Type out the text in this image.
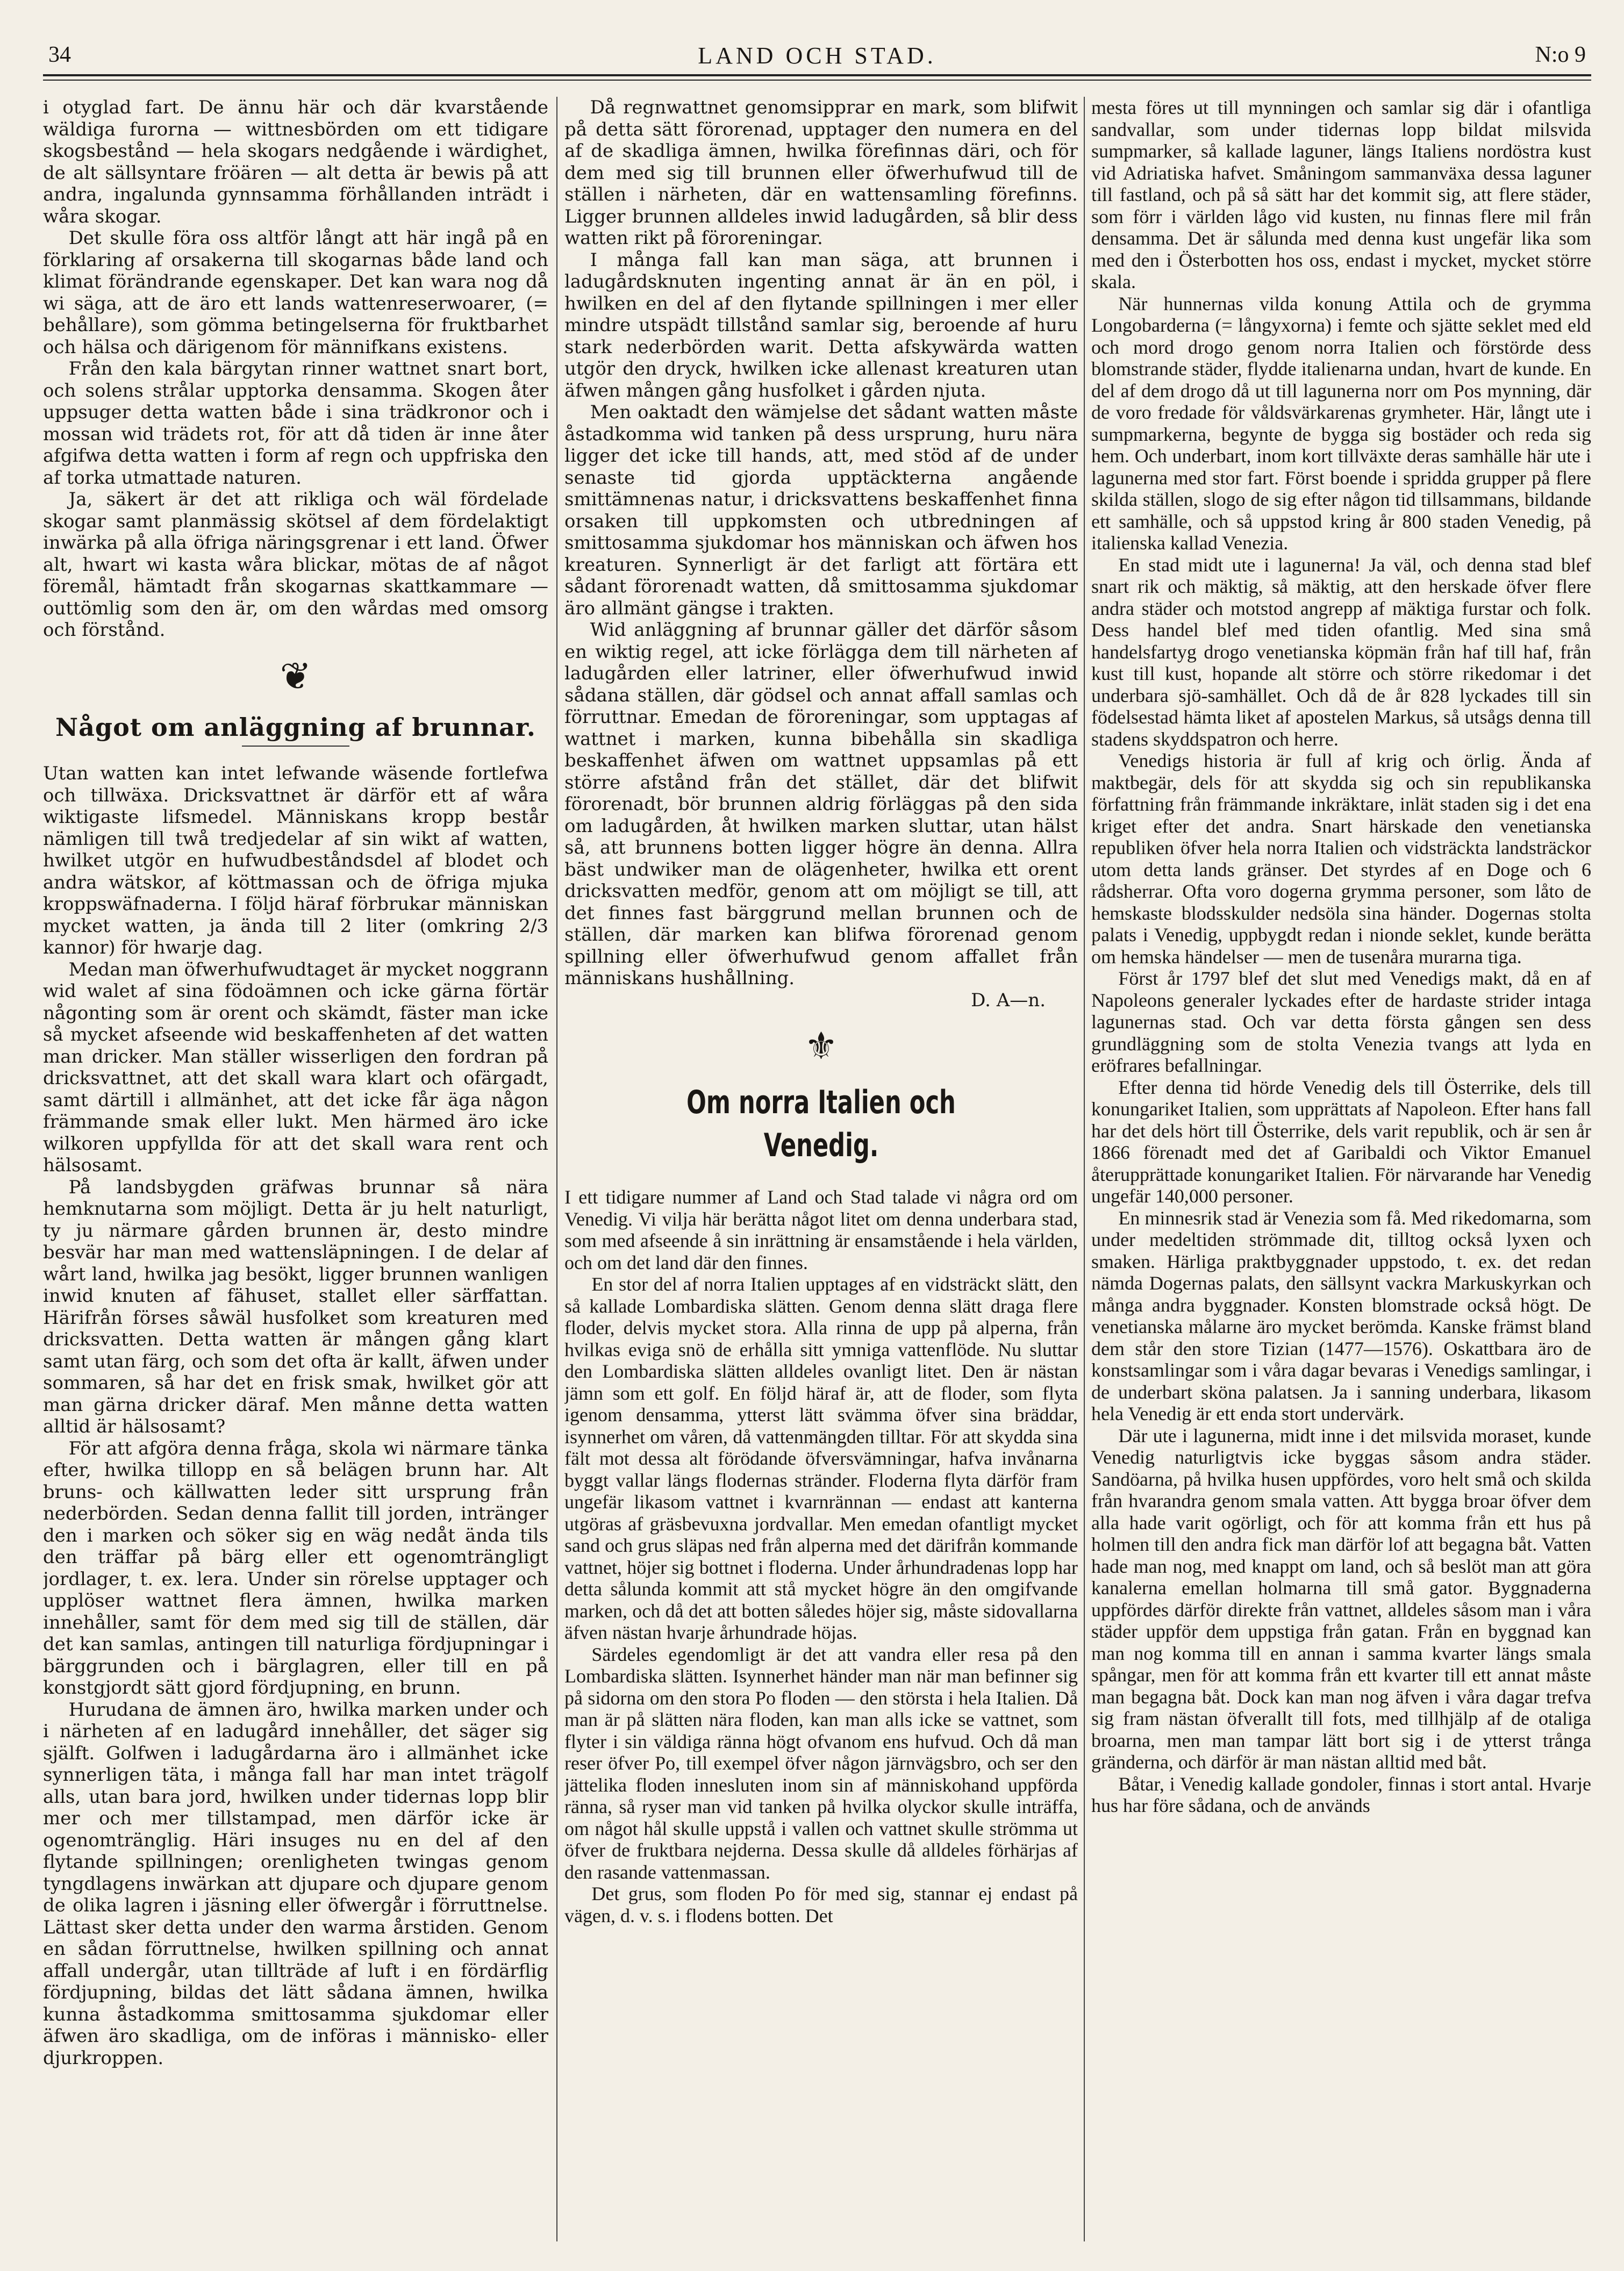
34	LAND OCH STAD.	N:o 9

i otyglad fart. De ännu här och där kvarstående wäldiga furorna — wittnesbörden om ett tidigare skogsbestånd — hela skogars nedgående i wärdighet, de alt sällsyntare fröären — alt detta är bewis på att andra, ingalunda gynnsamma förhållanden inträdt i wåra skogar.

Det skulle föra oss altför långt att här ingå på en förklaring af orsakerna till skogarnas både land och klimat förändrande egenskaper. Det kan wara nog då wi säga, att de äro ett lands wattenreserwoarer, (= behållare), som gömma betingelserna för fruktbarhet och hälsa och därigenom för männifkans existens.

Från den kala bärgytan rinner wattnet snart bort, och solens strålar upptorka densamma. Skogen åter uppsuger detta watten både i sina trädkronor och i mossan wid trädets rot, för att då tiden är inne åter afgifwa detta watten i form af regn och uppfriska den af torka utmattade naturen.

Ja, säkert är det att rikliga och wäl fördelade skogar samt planmässig skötsel af dem fördelaktigt inwärka på alla öfriga näringsgrenar i ett land. Öfwer alt, hwart wi kasta wåra blickar, mötas de af något föremål, hämtadt från skogarnas skattkammare — outtömlig som den är, om den wårdas med omsorg och förstånd.

❦
Något om anläggning af brunnar.

Utan watten kan intet lefwande wäsende fortlefwa och tillwäxa. Dricksvattnet är därför ett af wåra wiktigaste lifsmedel. Människans kropp består nämligen till twå tredjedelar af sin wikt af watten, hwilket utgör en hufwudbeståndsdel af blodet och andra wätskor, af köttmassan och de öfriga mjuka kroppswäfnaderna. I följd häraf förbrukar människan mycket watten, ja ända till 2 liter (omkring 2/3 kannor) för hwarje dag.

Medan man öfwerhufwudtaget är mycket noggrann wid walet af sina födoämnen och icke gärna förtär någonting som är orent och skämdt, fäster man icke så mycket afseende wid beskaffenheten af det watten man dricker. Man ställer wisserligen den fordran på dricksvattnet, att det skall wara klart och ofärgadt, samt därtill i allmänhet, att det icke får äga någon främmande smak eller lukt. Men härmed äro icke wilkoren uppfyllda för att det skall wara rent och hälsosamt.

På landsbygden gräfwas brunnar så nära hemknutarna som möjligt. Detta är ju helt naturligt, ty ju närmare gården brunnen är, desto mindre besvär har man med wattensläpningen. I de delar af wårt land, hwilka jag besökt, ligger brunnen wanligen inwid knuten af fähuset, stallet eller särffattan. Härifrån förses såwäl husfolket som kreaturen med dricksvatten. Detta watten är mången gång klart samt utan färg, och som det ofta är kallt, äfwen under sommaren, så har det en frisk smak, hwilket gör att man gärna dricker däraf. Men månne detta watten alltid är hälsosamt?

För att afgöra denna fråga, skola wi närmare tänka efter, hwilka tillopp en så belägen brunn har. Alt bruns- och källwatten leder sitt ursprung från nederbörden. Sedan denna fallit till jorden, intränger den i marken och söker sig en wäg nedåt ända tils den träffar på bärg eller ett ogenomträngligt jordlager, t. ex. lera. Under sin rörelse upptager och upplöser wattnet flera ämnen, hwilka marken innehåller, samt för dem med sig till de ställen, där det kan samlas, antingen till naturliga fördjupningar i bärggrunden och i bärglagren, eller till en på konstgjordt sätt gjord fördjupning, en brunn.

Hurudana de ämnen äro, hwilka marken under och i närheten af en ladugård innehåller, det säger sig själft. Golfwen i ladugårdarna äro i allmänhet icke synnerligen täta, i många fall har man intet trägolf alls, utan bara jord, hwilken under tidernas lopp blir mer och mer tillstampad, men därför icke är ogenomtränglig. Häri insuges nu en del af den flytande spillningen; orenligheten twingas genom tyngdlagens inwärkan att djupare och djupare genom de olika lagren i jäsning eller öfwergår i förruttnelse. Lättast sker detta under den warma årstiden. Genom en sådan förruttnelse, hwilken spillning och annat affall undergår, utan tillträde af luft i en fördärflig fördjupning, bildas det lätt sådana ämnen, hwilka kunna åstadkomma smittosamma sjukdomar eller äfwen äro skadliga, om de införas i människo- eller djurkroppen.

Då regnwattnet genomsipprar en mark, som blifwit på detta sätt förorenad, upptager den numera en del af de skadliga ämnen, hwilka förefinnas däri, och för dem med sig till brunnen eller öfwerhufwud till de ställen i närheten, där en wattensamling förefinns. Ligger brunnen alldeles inwid ladugården, så blir dess watten rikt på föroreningar.

I många fall kan man säga, att brunnen i ladugårdsknuten ingenting annat är än en pöl, i hwilken en del af den flytande spillningen i mer eller mindre utspädt tillstånd samlar sig, beroende af huru stark nederbörden warit. Detta afskywärda watten utgör den dryck, hwilken icke allenast kreaturen utan äfwen mången gång husfolket i gården njuta.

Men oaktadt den wämjelse det sådant watten måste åstadkomma wid tanken på dess ursprung, huru nära ligger det icke till hands, att, med stöd af de under senaste tid gjorda upptäckterna angående smittämnenas natur, i dricksvattens beskaffenhet finna orsaken till uppkomsten och utbredningen af smittosamma sjukdomar hos människan och äfwen hos kreaturen. Synnerligt är det farligt att förtära ett sådant förorenadt watten, då smittosamma sjukdomar äro allmänt gängse i trakten.

Wid anläggning af brunnar gäller det därför såsom en wiktig regel, att icke förlägga dem till närheten af ladugården eller latriner, eller öfwerhufwud inwid sådana ställen, där gödsel och annat affall samlas och förruttnar. Emedan de föroreningar, som upptagas af wattnet i marken, kunna bibehålla sin skadliga beskaffenhet äfwen om wattnet uppsamlas på ett större afstånd från det stället, där det blifwit förorenadt, bör brunnen aldrig förläggas på den sida om ladugården, åt hwilken marken sluttar, utan hälst så, att brunnens botten ligger högre än denna. Allra bäst undwiker man de olägenheter, hwilka ett orent dricksvatten medför, genom att om möjligt se till, att det finnes fast bärggrund mellan brunnen och de ställen, där marken kan blifwa förorenad genom spillning eller öfwerhufwud genom affallet från människans hushållning.

D. A—n.
⚜
Om norra Italien och Venedig.

I ett tidigare nummer af Land och Stad talade vi några ord om Venedig. Vi vilja här berätta något litet om denna underbara stad, som med afseende å sin inrättning är ensamstående i hela världen, och om det land där den finnes.

En stor del af norra Italien upptages af en vidsträckt slätt, den så kallade Lombardiska slätten. Genom denna slätt draga flere floder, delvis mycket stora. Alla rinna de upp på alperna, från hvilkas eviga snö de erhålla sitt ymniga vattenflöde. Nu sluttar den Lombardiska slätten alldeles ovanligt litet. Den är nästan jämn som ett golf. En följd häraf är, att de floder, som flyta igenom densamma, ytterst lätt svämma öfver sina bräddar, isynnerhet om våren, då vattenmängden tilltar. För att skydda sina fält mot dessa alt förödande öfversvämningar, hafva invånarna byggt vallar längs flodernas stränder. Floderna flyta därför fram ungefär likasom vattnet i kvarnrännan — endast att kanterna utgöras af gräsbevuxna jordvallar. Men emedan ofantligt mycket sand och grus släpas ned från alperna med det därifrån kommande vattnet, höjer sig bottnet i floderna. Under århundradenas lopp har detta sålunda kommit att stå mycket högre än den omgifvande marken, och då det att botten således höjer sig, måste sidovallarna äfven nästan hvarje århundrade höjas.

Särdeles egendomligt är det att vandra eller resa på den Lombardiska slätten. Isynnerhet händer man när man befinner sig på sidorna om den stora Po floden — den största i hela Italien. Då man är på slätten nära floden, kan man alls icke se vattnet, som flyter i sin väldiga ränna högt ofvanom ens hufvud. Och då man reser öfver Po, till exempel öfver någon järnvägsbro, och ser den jättelika floden innesluten inom sin af människohand uppförda ränna, så ryser man vid tanken på hvilka olyckor skulle inträffa, om något hål skulle uppstå i vallen och vattnet skulle strömma ut öfver de fruktbara nejderna. Dessa skulle då alldeles förhärjas af den rasande vattenmassan.

Det grus, som floden Po för med sig, stannar ej endast på vägen, d. v. s. i flodens botten. Det

mesta föres ut till mynningen och samlar sig där i ofantliga sandvallar, som under tidernas lopp bildat milsvida sumpmarker, så kallade laguner, längs Italiens nordöstra kust vid Adriatiska hafvet. Småningom sammanväxa dessa laguner till fastland, och på så sätt har det kommit sig, att flere städer, som förr i världen lågo vid kusten, nu finnas flere mil från densamma. Det är sålunda med denna kust ungefär lika som med den i Österbotten hos oss, endast i mycket, mycket större skala.

När hunnernas vilda konung Attila och de grymma Longobarderna (= långyxorna) i femte och sjätte seklet med eld och mord drogo genom norra Italien och förstörde dess blomstrande städer, flydde italienarna undan, hvart de kunde. En del af dem drogo då ut till lagunerna norr om Pos mynning, där de voro fredade för våldsvärkarenas grymheter. Här, långt ute i sumpmarkerna, begynte de bygga sig bostäder och reda sig hem. Och underbart, inom kort tillväxte deras samhälle här ute i lagunerna med stor fart. Först boende i spridda grupper på flere skilda ställen, slogo de sig efter någon tid tillsammans, bildande ett samhälle, och så uppstod kring år 800 staden Venedig, på italienska kallad Venezia.

En stad midt ute i lagunerna! Ja väl, och denna stad blef snart rik och mäktig, så mäktig, att den herskade öfver flere andra städer och motstod angrepp af mäktiga furstar och folk. Dess handel blef med tiden ofantlig. Med sina små handelsfartyg drogo venetianska köpmän från haf till haf, från kust till kust, hopande alt större och större rikedomar i det underbara sjö-samhället. Och då de år 828 lyckades till sin födelsestad hämta liket af apostelen Markus, så utsågs denna till stadens skyddspatron och herre.

Venedigs historia är full af krig och örlig. Ända af maktbegär, dels för att skydda sig och sin republikanska författning från främmande inkräktare, inlät staden sig i det ena kriget efter det andra. Snart härskade den venetianska republiken öfver hela norra Italien och vidsträckta landsträckor utom detta lands gränser. Det styrdes af en Doge och 6 rådsherrar. Ofta voro dogerna grymma personer, som låto de hemskaste blodsskulder nedsöla sina händer. Dogernas stolta palats i Venedig, uppbygdt redan i nionde seklet, kunde berätta om hemska händelser — men de tusenåra murarna tiga.

Först år 1797 blef det slut med Venedigs makt, då en af Napoleons generaler lyckades efter de hardaste strider intaga lagunernas stad. Och var detta första gången sen dess grundläggning som de stolta Venezia tvangs att lyda en eröfrares befallningar.

Efter denna tid hörde Venedig dels till Österrike, dels till konungariket Italien, som upprättats af Napoleon. Efter hans fall har det dels hört till Österrike, dels varit republik, och är sen år 1866 förenadt med det af Garibaldi och Viktor Emanuel återupprättade konungariket Italien. För närvarande har Venedig ungefär 140,000 personer.

En minnesrik stad är Venezia som få. Med rikedomarna, som under medeltiden strömmade dit, tilltog också lyxen och smaken. Härliga praktbyggnader uppstodo, t. ex. det redan nämda Dogernas palats, den sällsynt vackra Markuskyrkan och många andra byggnader. Konsten blomstrade också högt. De venetianska målarne äro mycket berömda. Kanske främst bland dem står den store Tizian (1477—1576). Oskattbara äro de konstsamlingar som i våra dagar bevaras i Venedigs samlingar, i de underbart sköna palatsen. Ja i sanning underbara, likasom hela Venedig är ett enda stort undervärk.

Där ute i lagunerna, midt inne i det milsvida moraset, kunde Venedig naturligtvis icke byggas såsom andra städer. Sandöarna, på hvilka husen uppfördes, voro helt små och skilda från hvarandra genom smala vatten. Att bygga broar öfver dem alla hade varit ogörligt, och för att komma från ett hus på holmen till den andra fick man därför lof att begagna båt. Vatten hade man nog, med knappt om land, och så beslöt man att göra kanalerna emellan holmarna till små gator. Byggnaderna uppfördes därför direkte från vattnet, alldeles såsom man i våra städer uppför dem uppstiga från gatan. Från en byggnad kan man nog komma till en annan i samma kvarter längs smala spångar, men för att komma från ett kvarter till ett annat måste man begagna båt. Dock kan man nog äfven i våra dagar trefva sig fram nästan öfverallt till fots, med tillhjälp af de otaliga broarna, men man tampar lätt bort sig i de ytterst trånga gränderna, och därför är man nästan alltid med båt.

Båtar, i Venedig kallade gondoler, finnas i stort antal. Hvarje hus har före sådana, och de används
